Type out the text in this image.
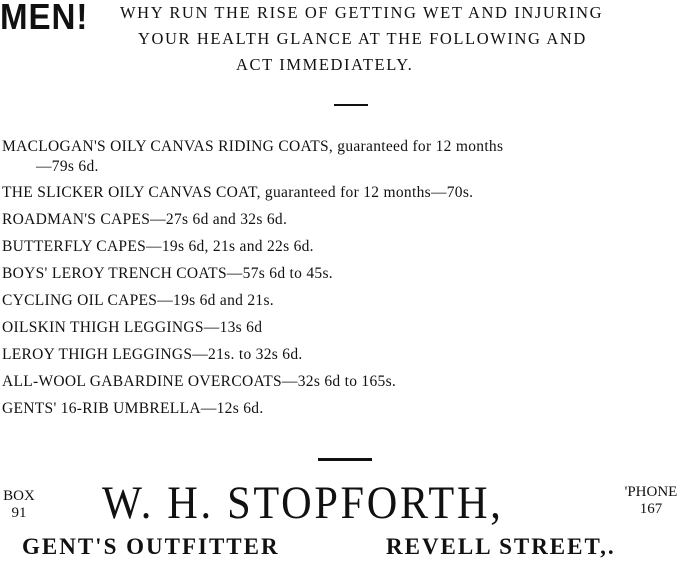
MEN! WHY RUN THE RISE OF GETTING WET AND INJURING
YOUR HEALTH GLANCE AT THE FOLLOWING AND
ACT IMMEDIATELY.
MACLOGAN'S OILY CANVAS RIDING COATS, guaranteed for 12 months
—79s 6d.
THE SLICKER OILY CANVAS COAT, guaranteed for 12 months—70s.
ROADMAN'S CAPES—27s 6d and 32s 6d.
BUTTERFLY CAPES—19s 6d, 21s and 22s 6d.
BOYS' LEROY TRENCH COATS—57s 6d to 45s.
CYCLING OIL CAPES—19s 6d and 21s.
OILSKIN THIGH LEGGINGS—13s 6d
LEROY THIGH LEGGINGS—21s. to 32s 6d.
ALL-WOOL GABARDINE OVERCOATS—32s 6d to 165s.
GENTS' 16-RIB UMBRELLA—12s 6d.
BOX
91 W. H. STOPFORTH,	'PHONE
167
GENT'S OUTFITTER	REVELL STREET,.
